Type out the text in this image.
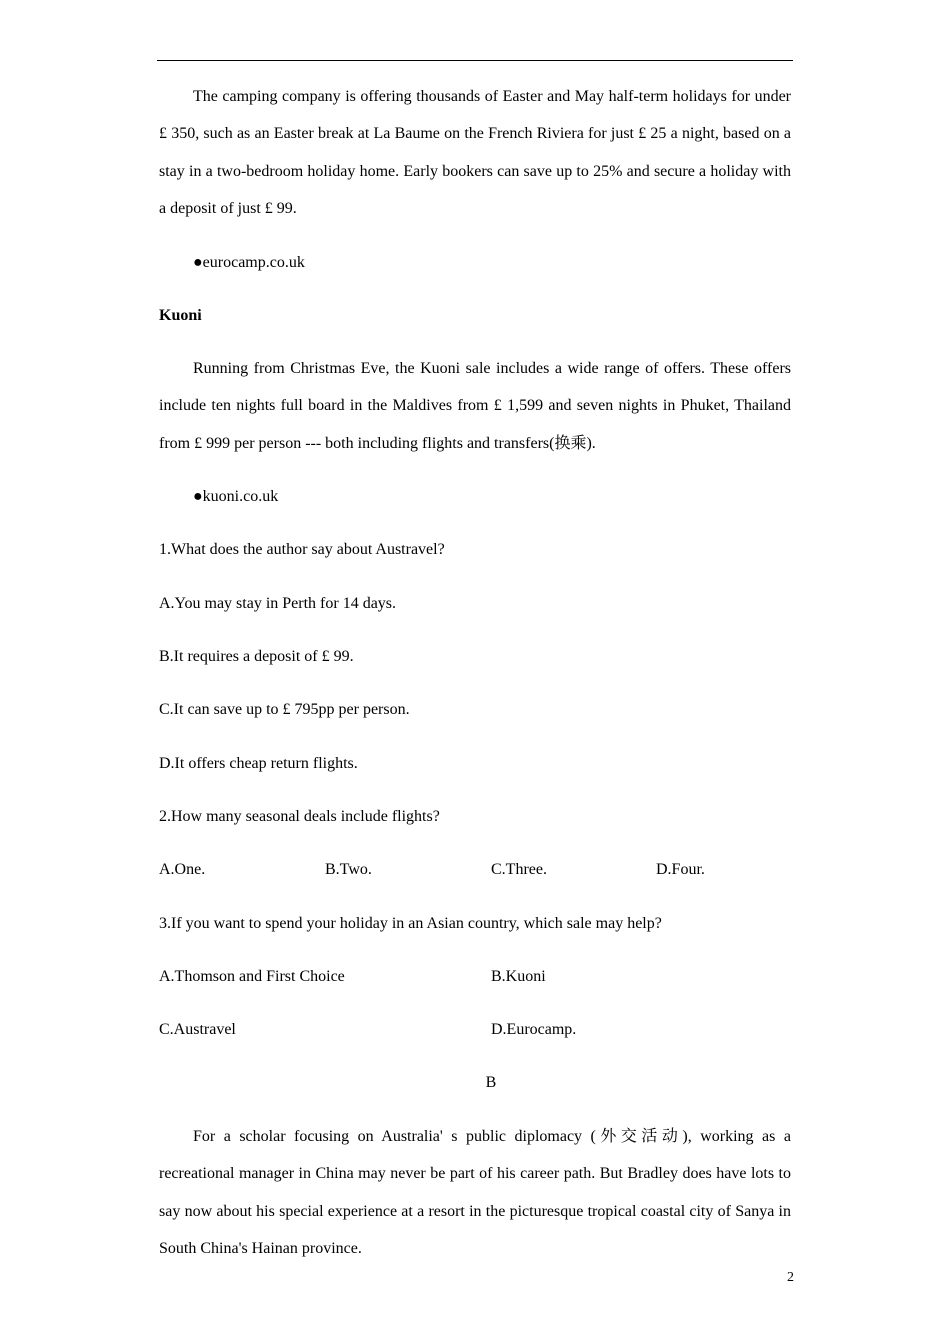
The camping company is offering thousands of Easter and May half-term holidays for under £ 350, such as an Easter break at La Baume on the French Riviera for just £ 25 a night, based on a stay in a two-bedroom holiday home. Early bookers can save up to 25% and secure a holiday with a deposit of just £ 99.
●eurocamp.co.uk
Kuoni
Running from Christmas Eve, the Kuoni sale includes a wide range of offers. These offers include ten nights full board in the Maldives from £ 1,599 and seven nights in Phuket, Thailand from £ 999 per person --- both including flights and transfers(换乘).
●kuoni.co.uk
1.What does the author say about Austravel?
A.You may stay in Perth for 14 days.
B.It requires a deposit of £ 99.
C.It can save up to £ 795pp per person.
D.It offers cheap return flights.
2.How many seasonal deals include flights?
A.One.	B.Two.	C.Three.	D.Four.
3.If you want to spend your holiday in an Asian country, which sale may help?
A.Thomson and First Choice	B.Kuoni
C.Austravel	D.Eurocamp.
B
For a scholar focusing on Australia' s public diplomacy (外交活动), working as a recreational manager in China may never be part of his career path. But Bradley does have lots to say now about his special experience at a resort in the picturesque tropical coastal city of Sanya in South China's Hainan province.
2
